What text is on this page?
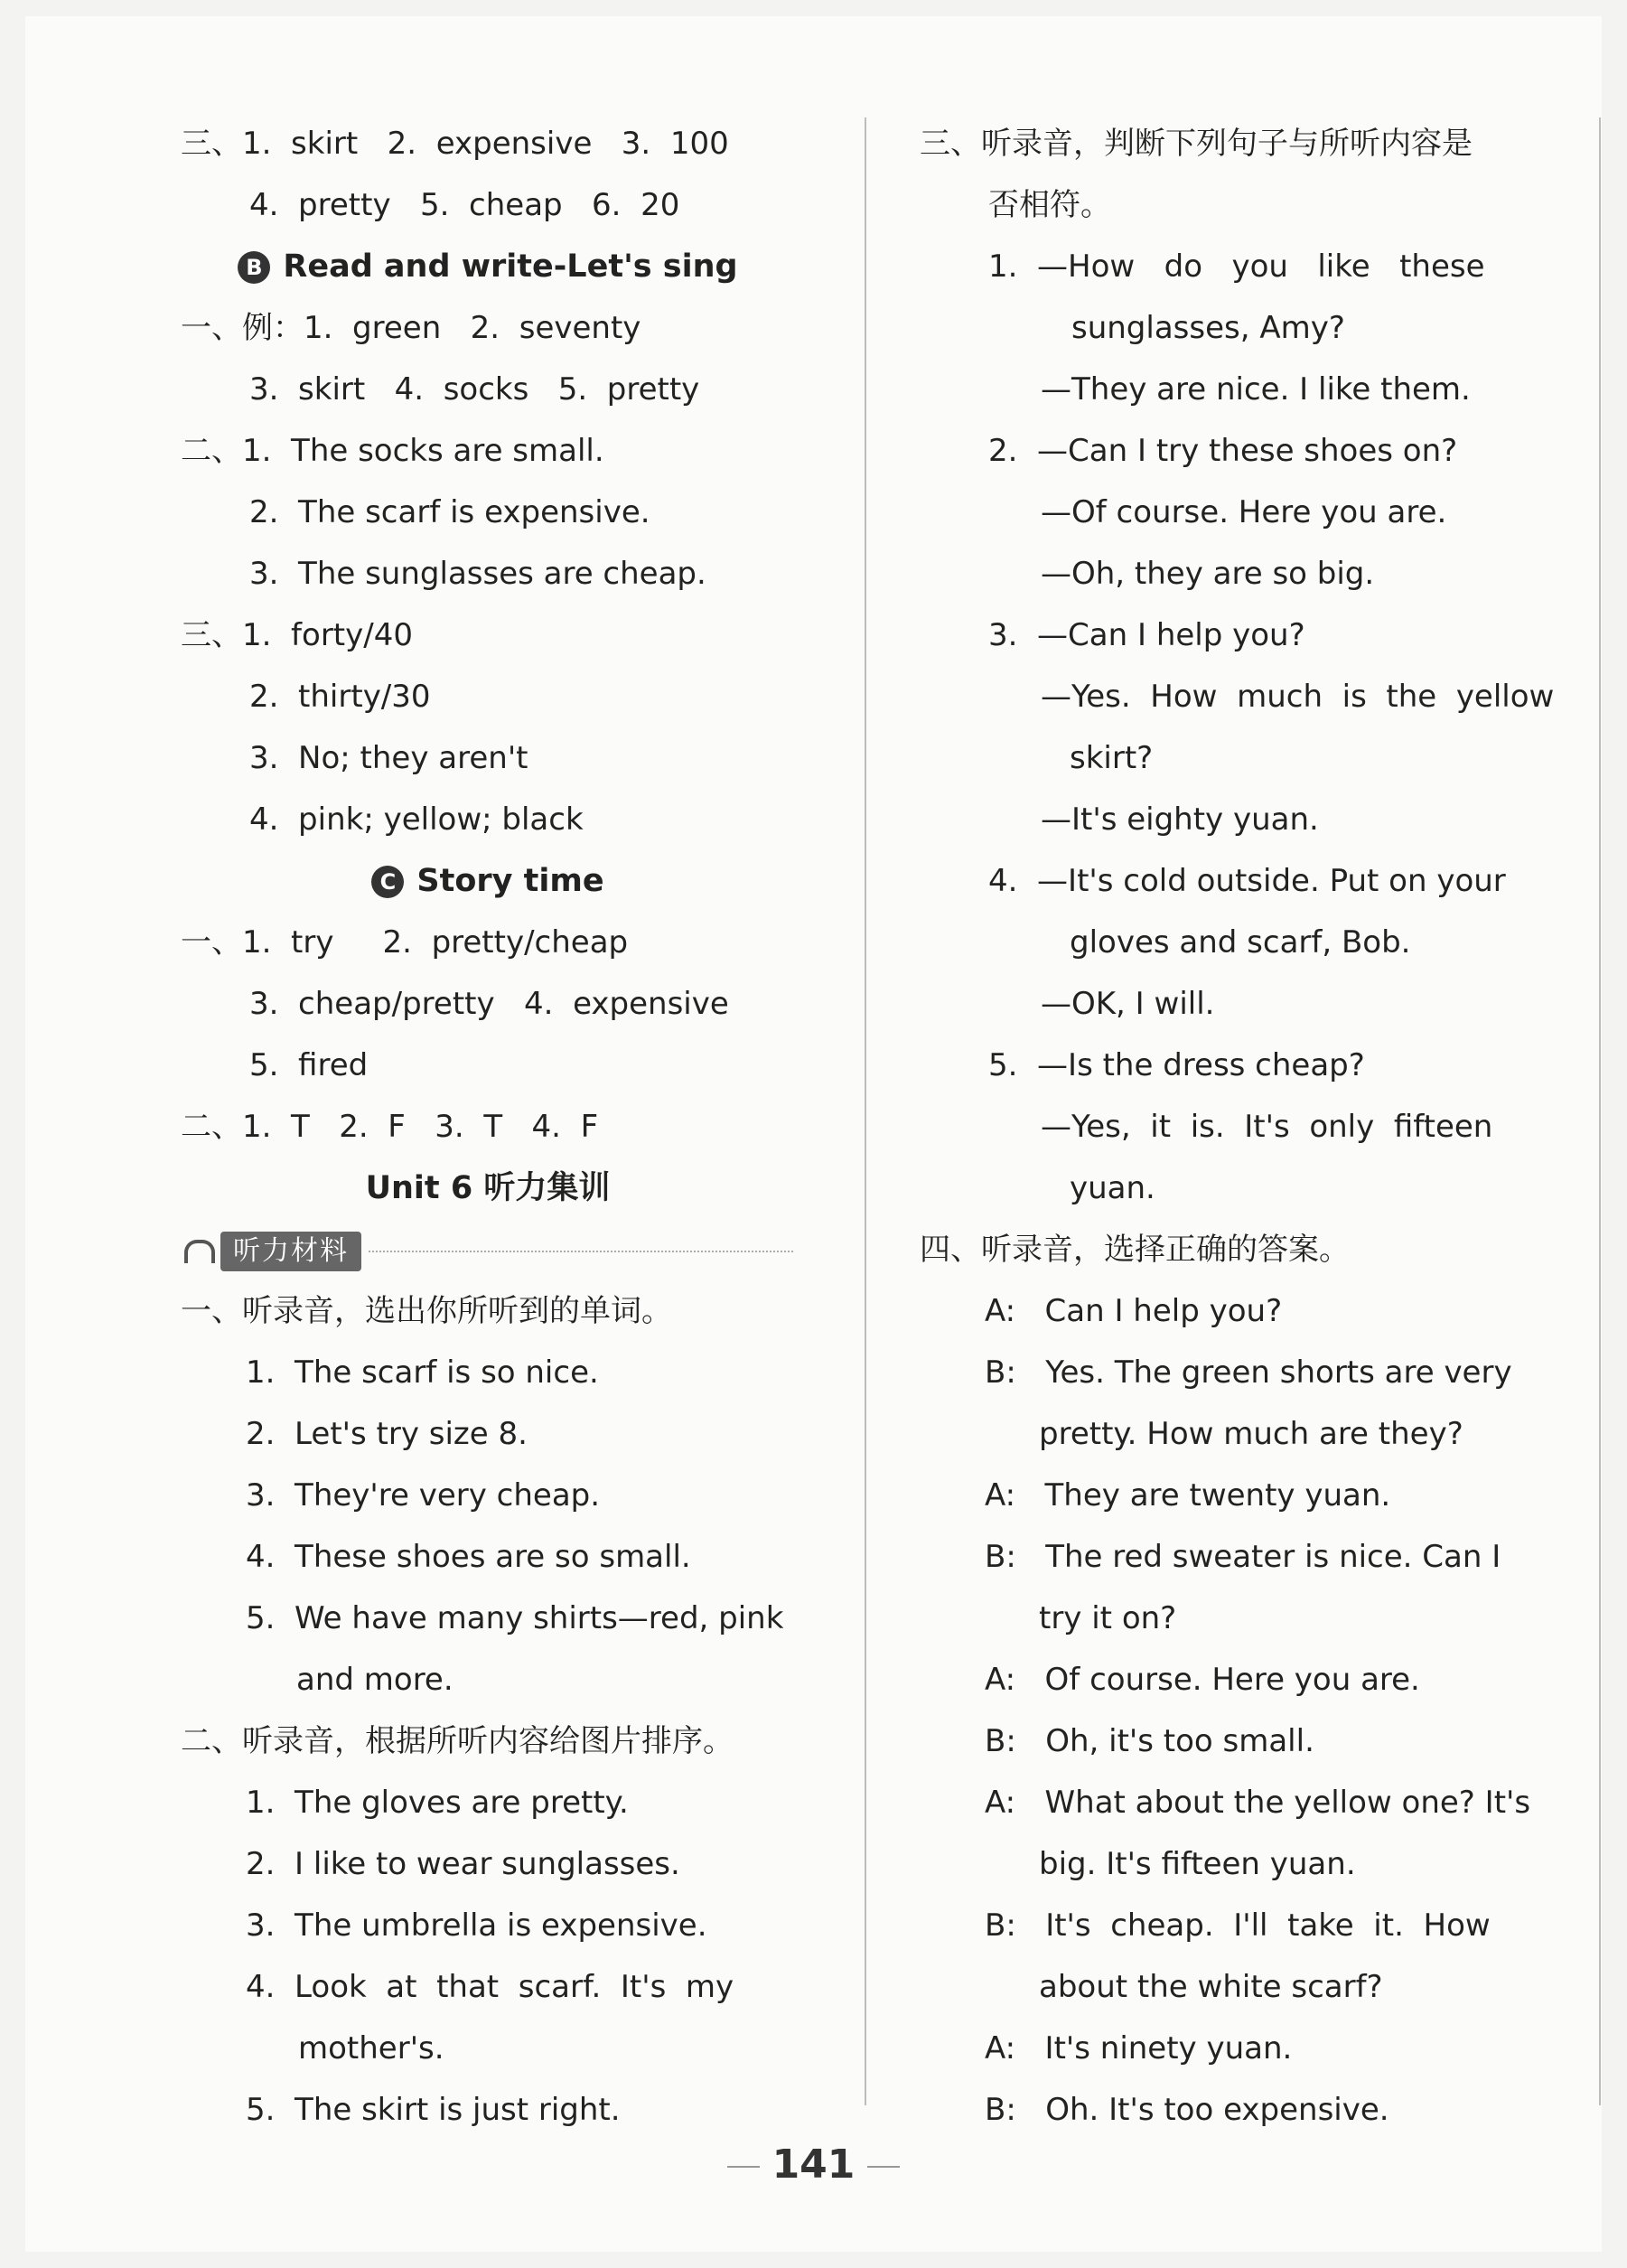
三、1.  skirt   2.  expensive   3.  100
4.  pretty   5.  cheap   6.  20
B Read and write-Let's sing
一、例：1.  green   2.  seventy
3.  skirt   4.  socks   5.  pretty
二、1.  The socks are small.
2.  The scarf is expensive.
3.  The sunglasses are cheap.
三、1.  forty/40
2.  thirty/30
3.  No; they aren't
4.  pink; yellow; black
C Story time
一、1.  try     2.  pretty/cheap
3.  cheap/pretty   4.  expensive
5.  fired
二、1.  T   2.  F   3.  T   4.  F
Unit 6 听力集训
听力材料
一、听录音，选出你所听到的单词。
1.  The scarf is so nice.
2.  Let's try size 8.
3.  They're very cheap.
4.  These shoes are so small.
5.  We have many shirts—red, pink
and more.
二、听录音，根据所听内容给图片排序。
1.  The gloves are pretty.
2.  I like to wear sunglasses.
3.  The umbrella is expensive.
4.  Look  at  that  scarf.  It's  my
mother's.
5.  The skirt is just right.
三、听录音，判断下列句子与所听内容是
否相符。
1.  —How   do   you   like   these
sunglasses, Amy?
—They are nice. I like them.
2.  —Can I try these shoes on?
—Of course. Here you are.
—Oh, they are so big.
3.  —Can I help you?
—Yes.  How  much  is  the  yellow
skirt?
—It's eighty yuan.
4.  —It's cold outside. Put on your
gloves and scarf, Bob.
—OK, I will.
5.  —Is the dress cheap?
—Yes,  it  is.  It's  only  fifteen
yuan.
四、听录音，选择正确的答案。
A:   Can I help you?
B:   Yes. The green shorts are very
pretty. How much are they?
A:   They are twenty yuan.
B:   The red sweater is nice. Can I
try it on?
A:   Of course. Here you are.
B:   Oh, it's too small.
A:   What about the yellow one? It's
big. It's fifteen yuan.
B:   It's  cheap.  I'll  take  it.  How
about the white scarf?
A:   It's ninety yuan.
B:   Oh. It's too expensive.
141
